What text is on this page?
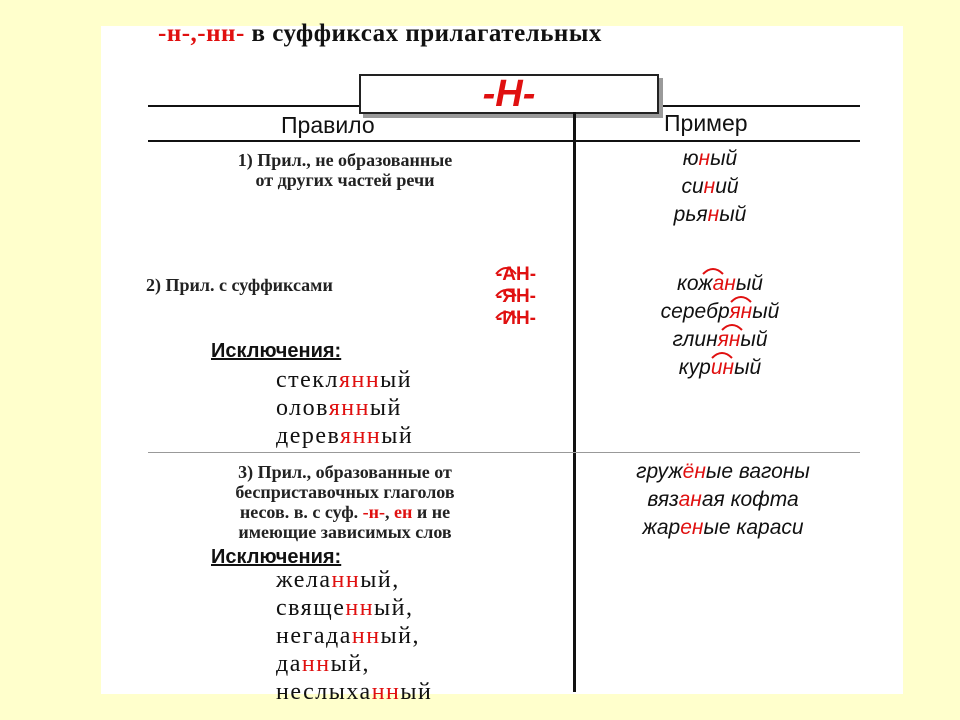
-н-,-нн- в суффиксах прилагательных
-Н-
Правило	Пример
1) Прил., не образованные
от других частей речи
юный
синий
рьяный
2) Прил. с суффиксами	-АН-
-ЯН-
-ИН-
Исключения:
стеклянный
оловянный
деревянный
кожаный
серебряный
глиняный
куриный
3) Прил., образованные от
бесприставочных глаголов
несов. в. с суф. -н-, ен и не
имеющие зависимых слов
Исключения:
желанный,
священный,
негаданный,
данный,
неслыханный
гружёные вагоны
вязаная кофта
жареные караси
